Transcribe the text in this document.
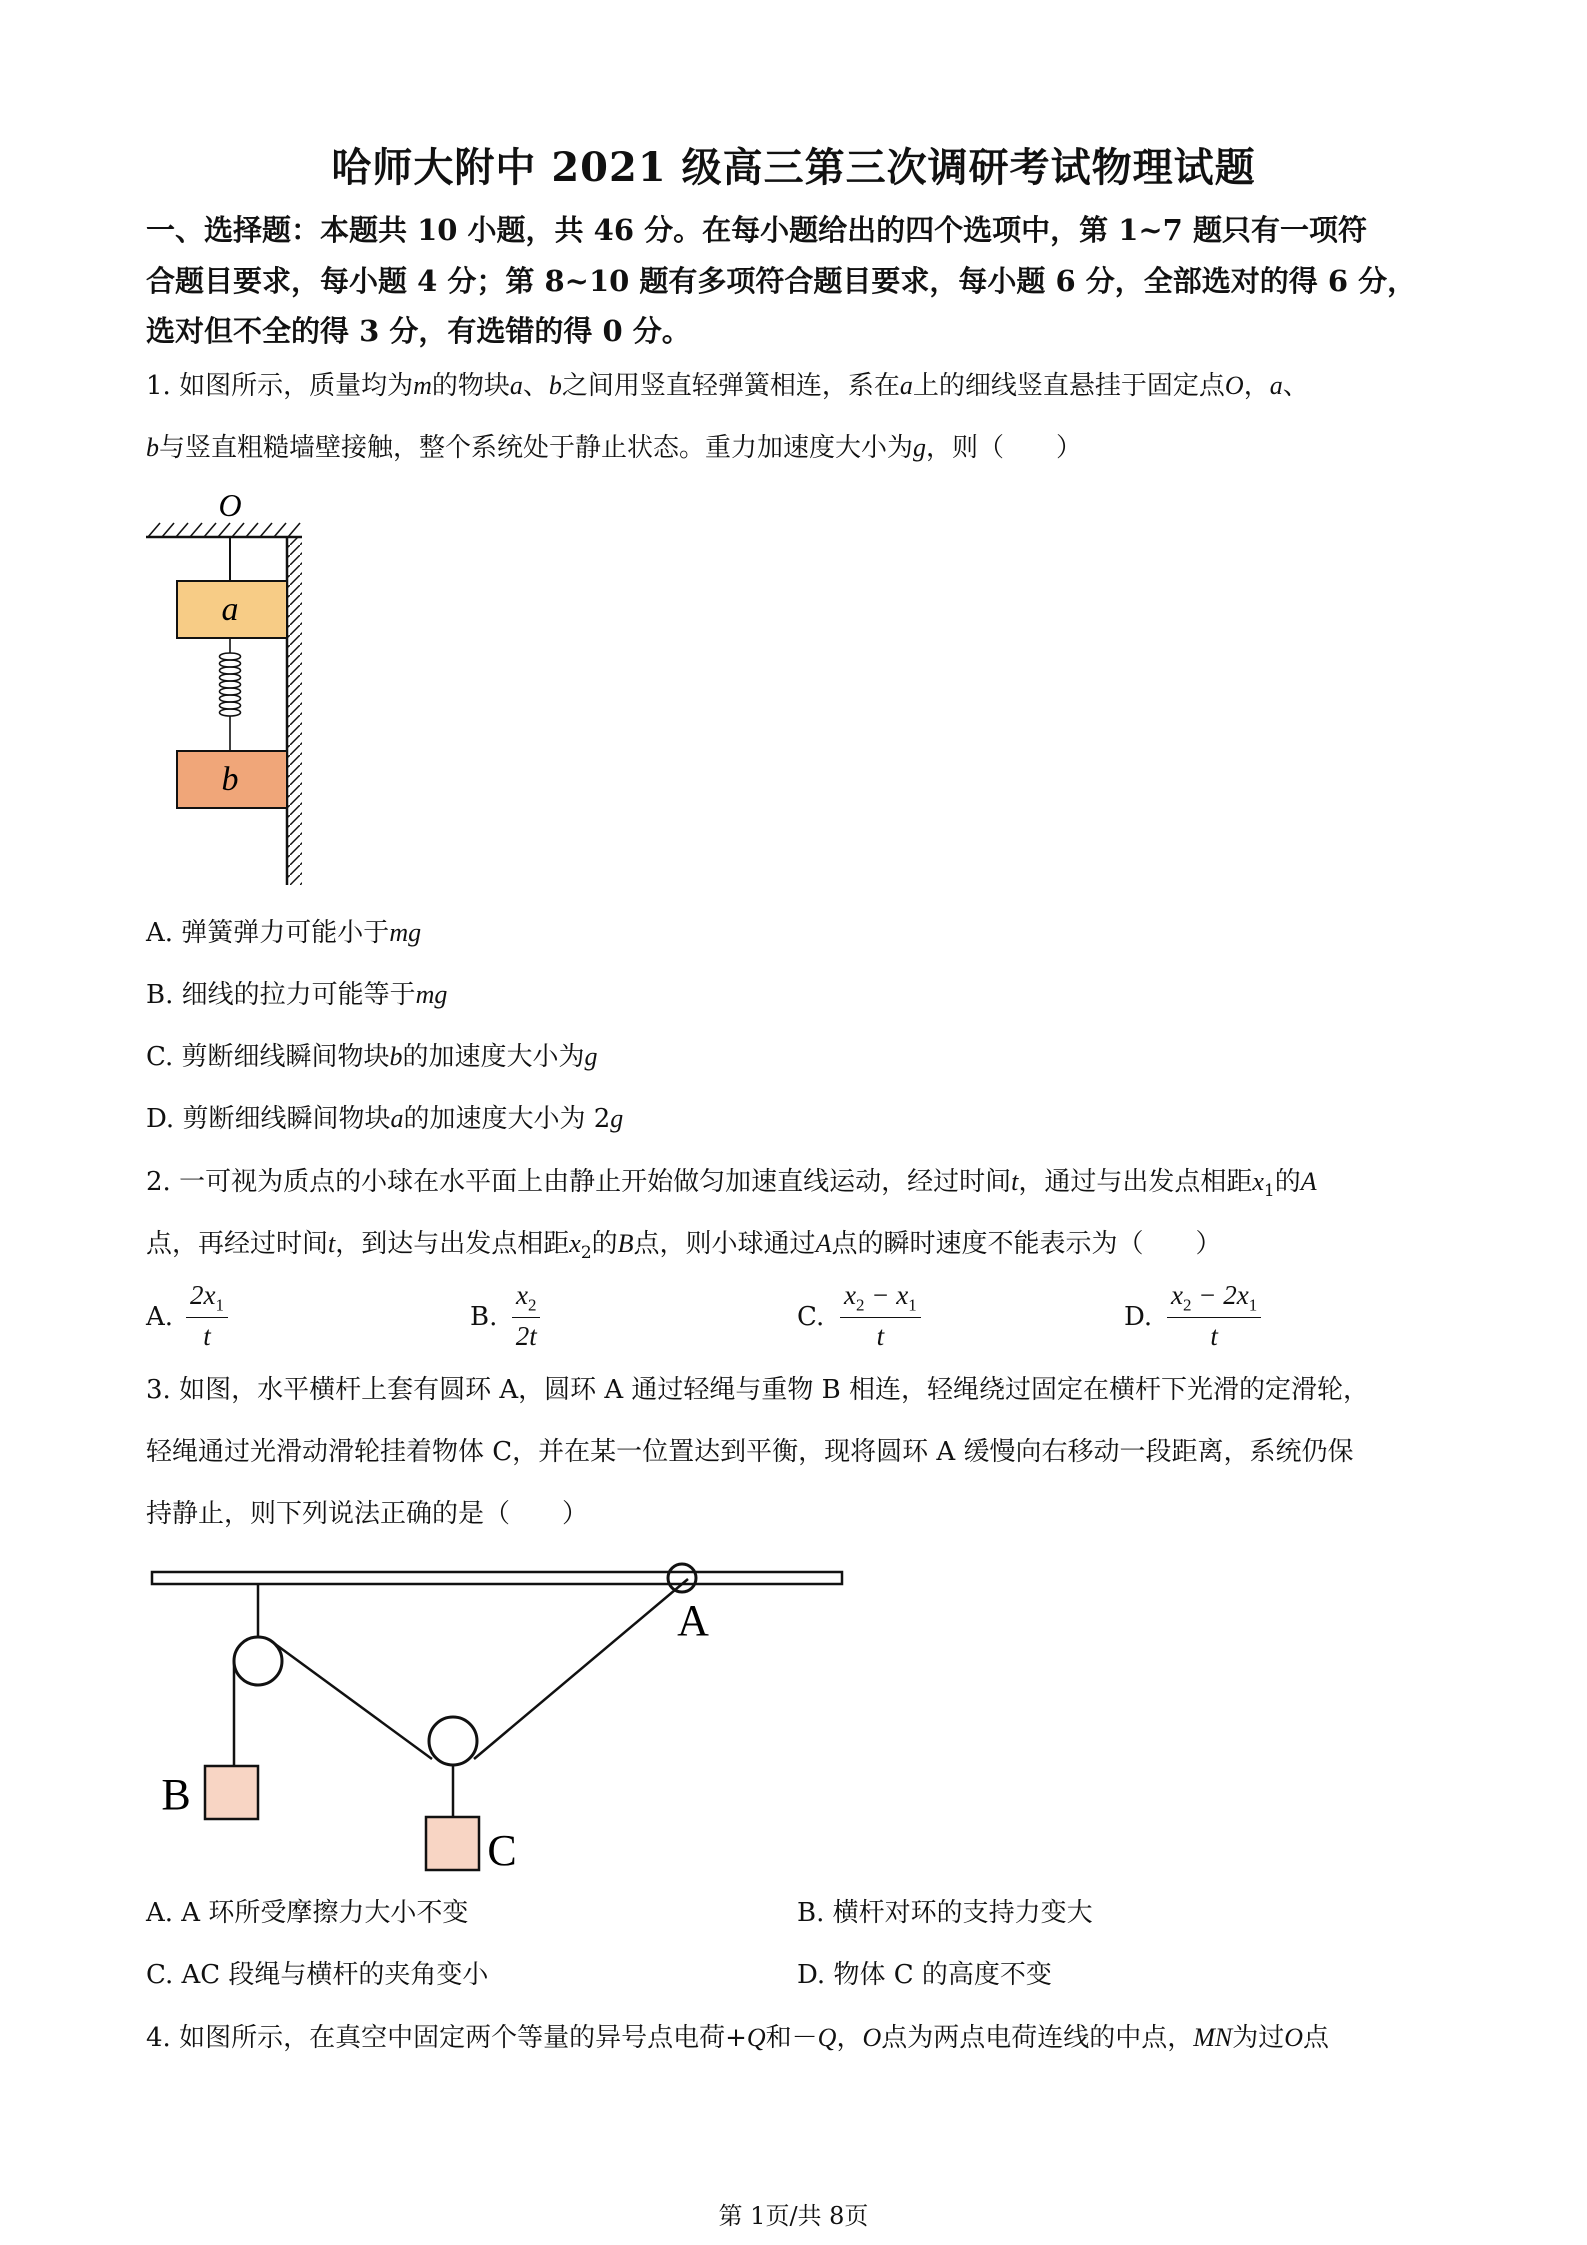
哈师大附中 2021 级高三第三次调研考试物理试题
一、选择题：本题共 10 小题，共 46 分。在每小题给出的四个选项中，第 1~7 题只有一项符
合题目要求，每小题 4 分；第 8~10 题有多项符合题目要求，每小题 6 分，全部选对的得 6 分，
选对但不全的得 3 分，有选错的得 0 分。
1. 如图所示，质量均为m的物块a、b之间用竖直轻弹簧相连，系在a上的细线竖直悬挂于固定点O，a、
b与竖直粗糙墙壁接触，整个系统处于静止状态。重力加速度大小为g，则（　　）
O
a
b
A. 弹簧弹力可能小于mg
B. 细线的拉力可能等于mg
C. 剪断细线瞬间物块b的加速度大小为g
D. 剪断细线瞬间物块a的加速度大小为 2g
2. 一可视为质点的小球在水平面上由静止开始做匀加速直线运动，经过时间t，通过与出发点相距$x_1$的A
点，再经过时间t，到达与出发点相距$x_2$的B点，则小球通过A点的瞬时速度不能表示为（　　）
A. $\frac{2x_1}{t}$	B. $\frac{x_2}{2t}$	C. $\frac{x_2 - x_1}{t}$	D. $\frac{x_2 - 2x_1}{t}$
3. 如图，水平横杆上套有圆环 A，圆环 A 通过轻绳与重物 B 相连，轻绳绕过固定在横杆下光滑的定滑轮，
轻绳通过光滑动滑轮挂着物体 C，并在某一位置达到平衡，现将圆环 A 缓慢向右移动一段距离，系统仍保
持静止，则下列说法正确的是（　　）
A
B
C
A. A 环所受摩擦力大小不变	B. 横杆对环的支持力变大
C. AC 段绳与横杆的夹角变小	D. 物体 C 的高度不变
4. 如图所示，在真空中固定两个等量的异号点电荷+Q和－Q，O点为两点电荷连线的中点，MN为过O点
第 1页/共 8页
